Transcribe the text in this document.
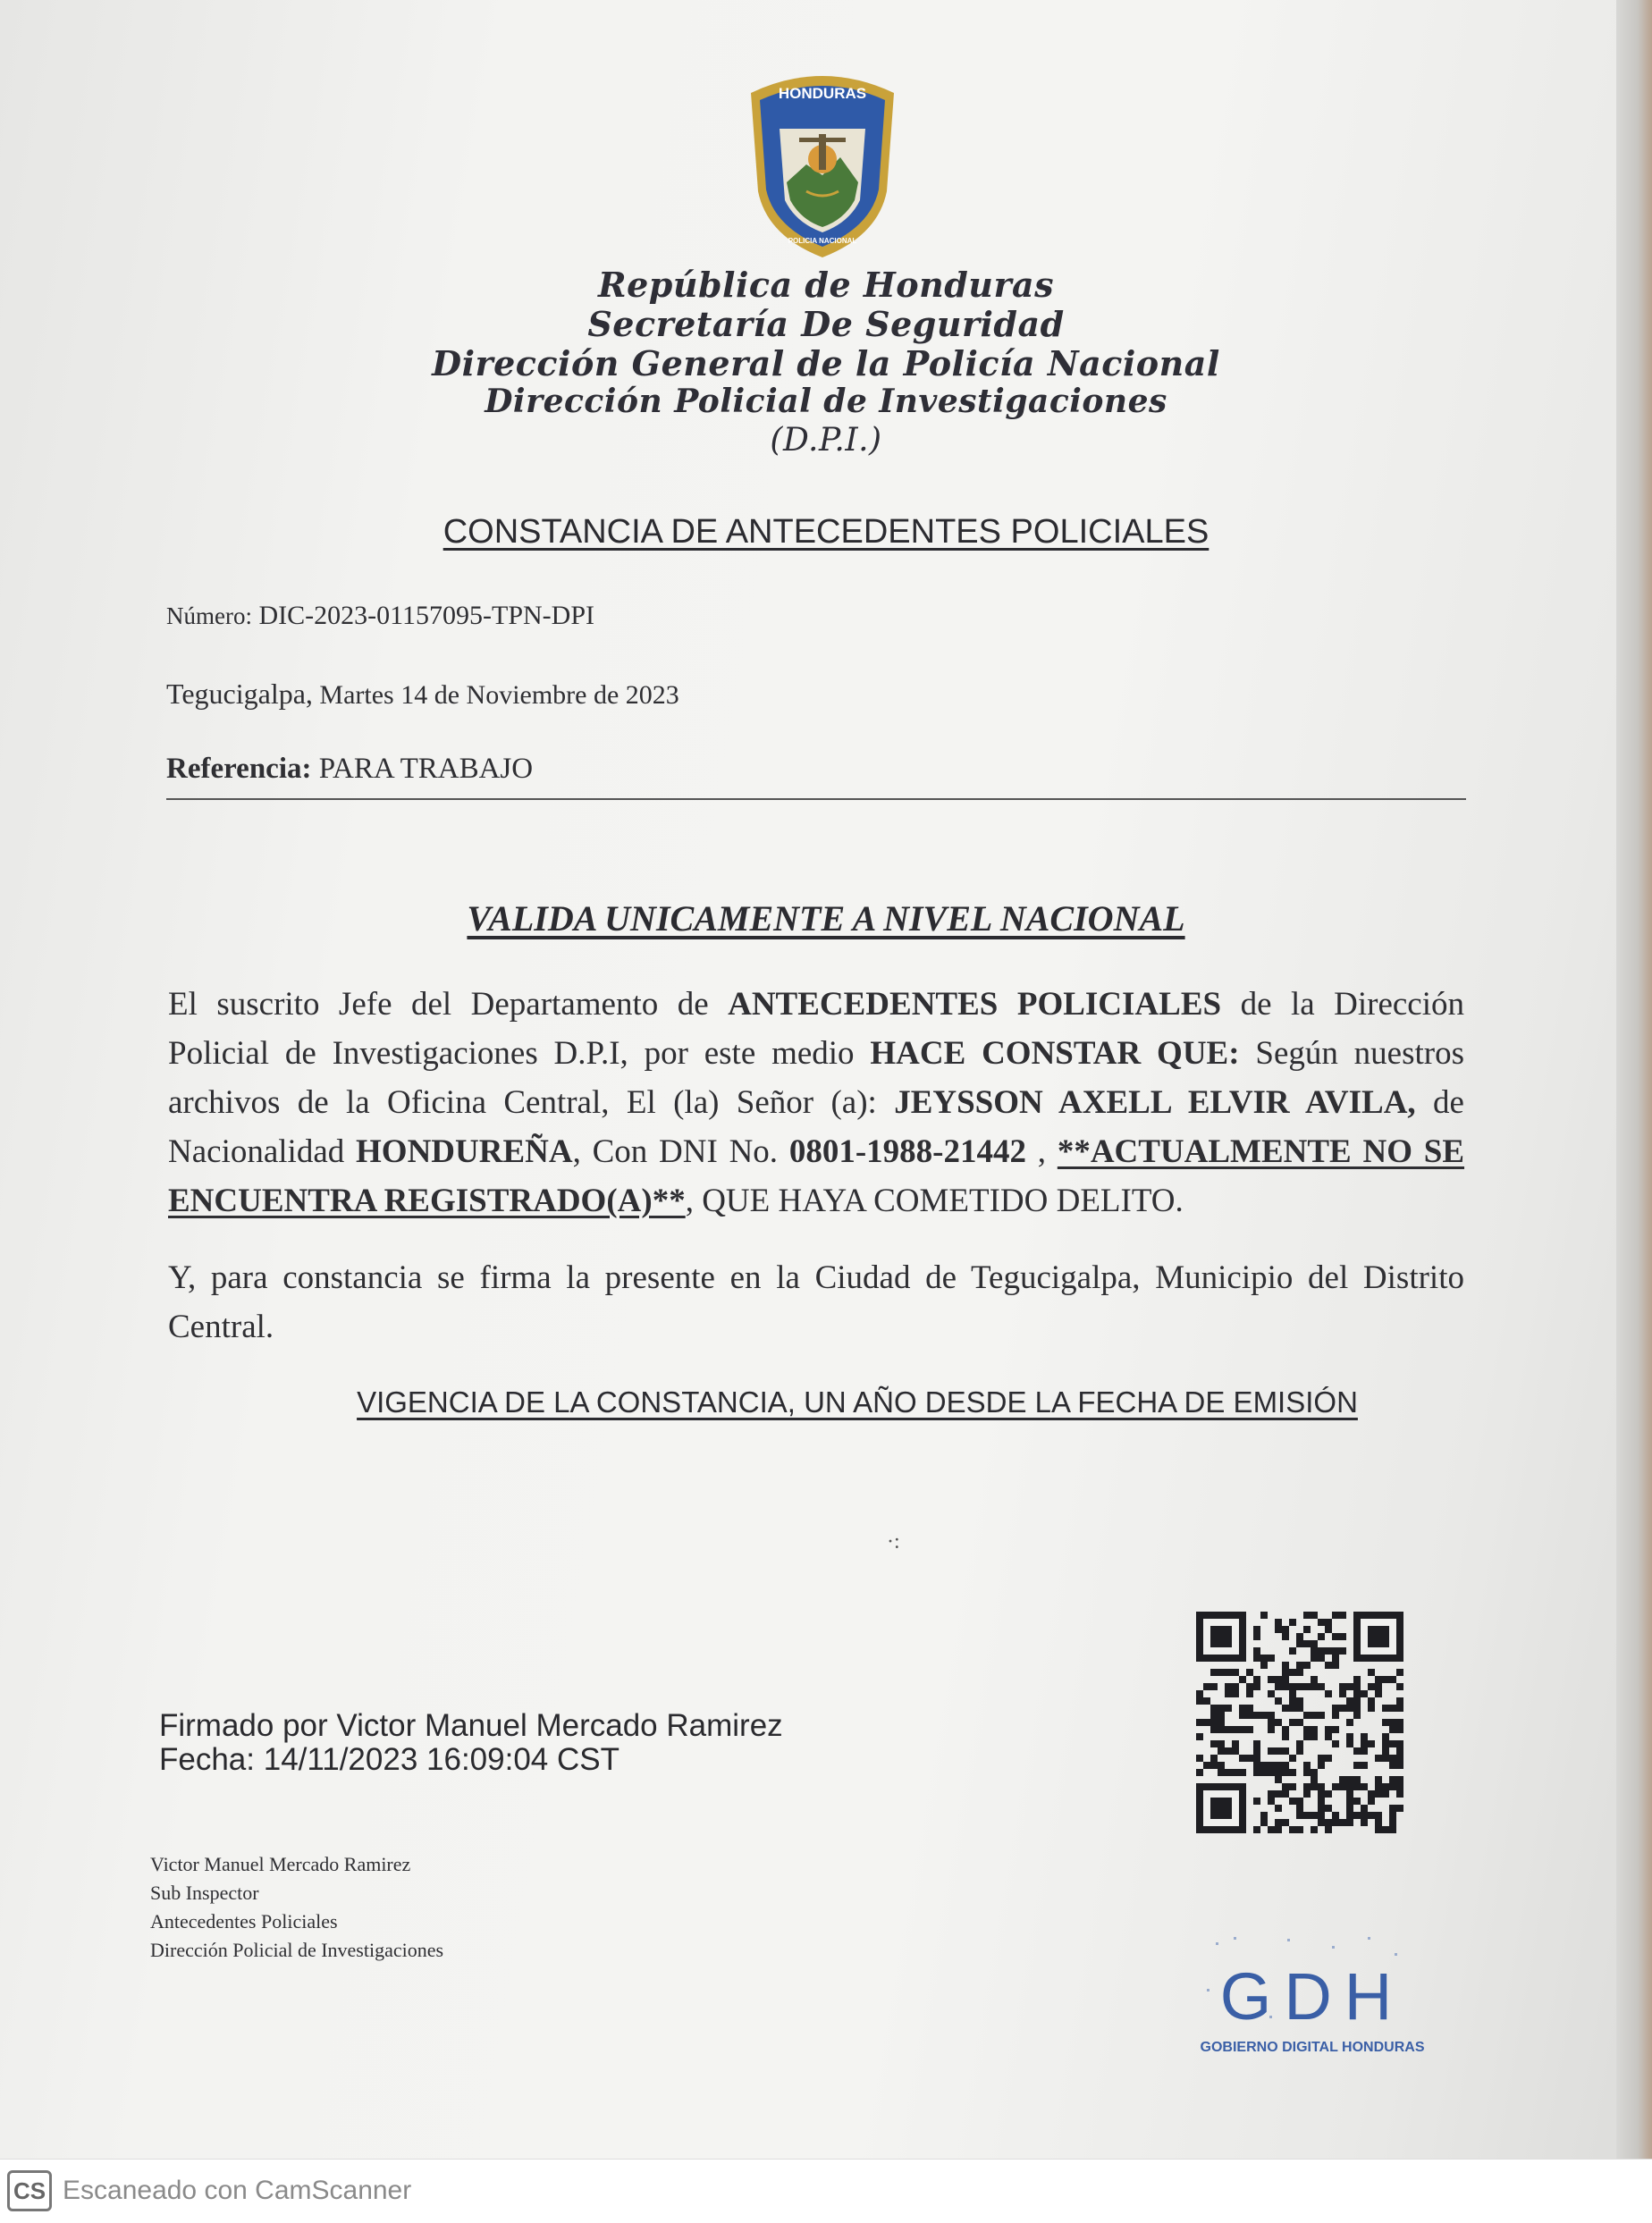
HONDURAS
POLICIA NACIONAL
República de Honduras
Secretaría De Seguridad
Dirección General de la Policía Nacional
Dirección Policial de Investigaciones
(D.P.I.)
CONSTANCIA DE ANTECEDENTES POLICIALES
Número: DIC-2023-01157095-TPN-DPI
Tegucigalpa, Martes 14 de Noviembre de 2023
Referencia: PARA TRABAJO
VALIDA UNICAMENTE A NIVEL NACIONAL
El suscrito Jefe del Departamento de ANTECEDENTES POLICIALES de la Dirección Policial de Investigaciones D.P.I, por este medio HACE CONSTAR QUE: Según nuestros archivos de la Oficina Central, El (la) Señor (a): JEYSSON AXELL ELVIR AVILA, de Nacionalidad HONDUREÑA, Con DNI No. 0801-1988-21442 , **ACTUALMENTE NO SE ENCUENTRA REGISTRADO(A)**, QUE HAYA COMETIDO DELITO.
Y, para constancia se firma la presente en la Ciudad de Tegucigalpa, Municipio del Distrito Central.
VIGENCIA DE LA CONSTANCIA, UN AÑO DESDE LA FECHA DE EMISIÓN
·:
Firmado por Victor Manuel Mercado Ramirez
Fecha: 14/11/2023 16:09:04 CST
Victor Manuel Mercado Ramirez
Sub Inspector
Antecedentes Policiales
Dirección Policial de Investigaciones
GDH
GOBIERNO DIGITAL HONDURAS
CS Escaneado con CamScanner
